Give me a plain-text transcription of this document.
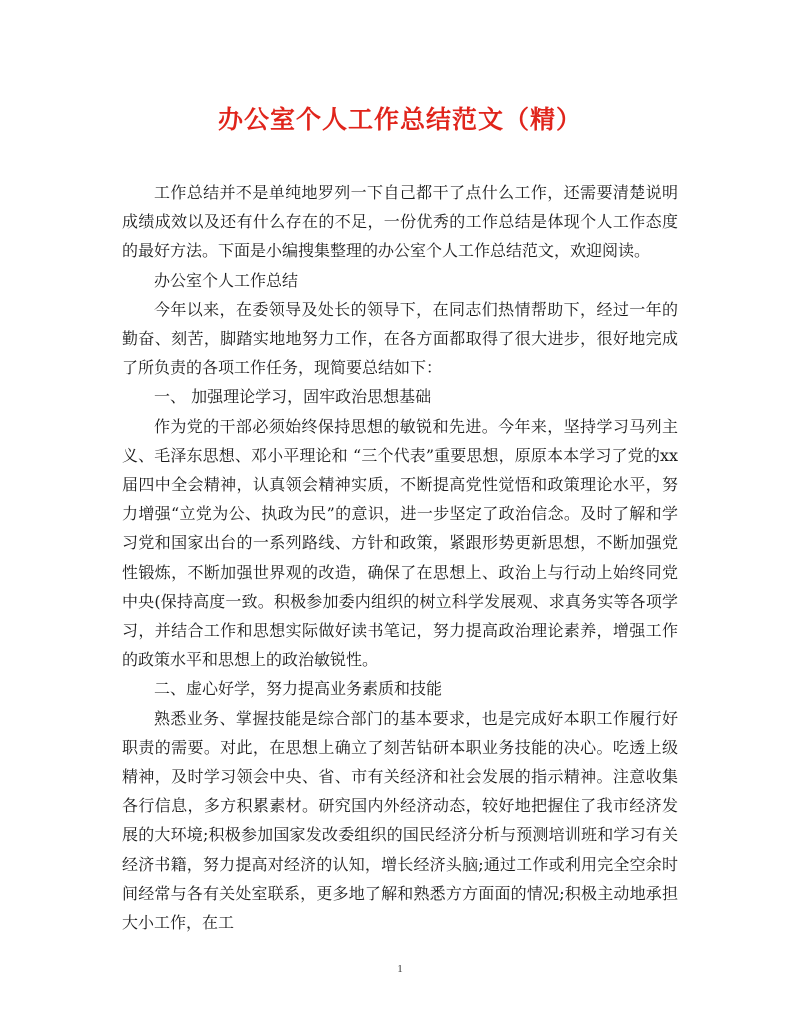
办公室个人工作总结范文（精）

工作总结并不是单纯地罗列一下自己都干了点什么工作，还需要清楚说明成绩成效以及还有什么存在的不足，一份优秀的工作总结是体现个人工作态度的最好方法。下面是小编搜集整理的办公室个人工作总结范文，欢迎阅读。

办公室个人工作总结

今年以来，在委领导及处长的领导下，在同志们热情帮助下，经过一年的勤奋、刻苦，脚踏实地地努力工作，在各方面都取得了很大进步，很好地完成了所负责的各项工作任务，现简要总结如下：

一、 加强理论学习，固牢政治思想基础

作为党的干部必须始终保持思想的敏锐和先进。今年来，坚持学习马列主义、毛泽东思想、邓小平理论和 “三个代表”重要思想，原原本本学习了党的xx届四中全会精神，认真领会精神实质，不断提高党性觉悟和政策理论水平，努力增强“立党为公、执政为民”的意识，进一步坚定了政治信念。及时了解和学习党和国家出台的一系列路线、方针和政策，紧跟形势更新思想，不断加强党性锻炼，不断加强世界观的改造，确保了在思想上、政治上与行动上始终同党中央(保持高度一致。积极参加委内组织的树立科学发展观、求真务实等各项学习，并结合工作和思想实际做好读书笔记，努力提高政治理论素养，增强工作的政策水平和思想上的政治敏锐性。

二、虚心好学，努力提高业务素质和技能

熟悉业务、掌握技能是综合部门的基本要求，也是完成好本职工作履行好职责的需要。对此，在思想上确立了刻苦钻研本职业务技能的决心。吃透上级精神，及时学习领会中央、省、市有关经济和社会发展的指示精神。注意收集各行信息，多方积累素材。研究国内外经济动态，较好地把握住了我市经济发展的大环境;积极参加国家发改委组织的国民经济分析与预测培训班和学习有关经济书籍，努力提高对经济的认知，增长经济头脑;通过工作或利用完全空余时间经常与各有关处室联系，更多地了解和熟悉方方面面的情况;积极主动地承担大小工作，在工

1
